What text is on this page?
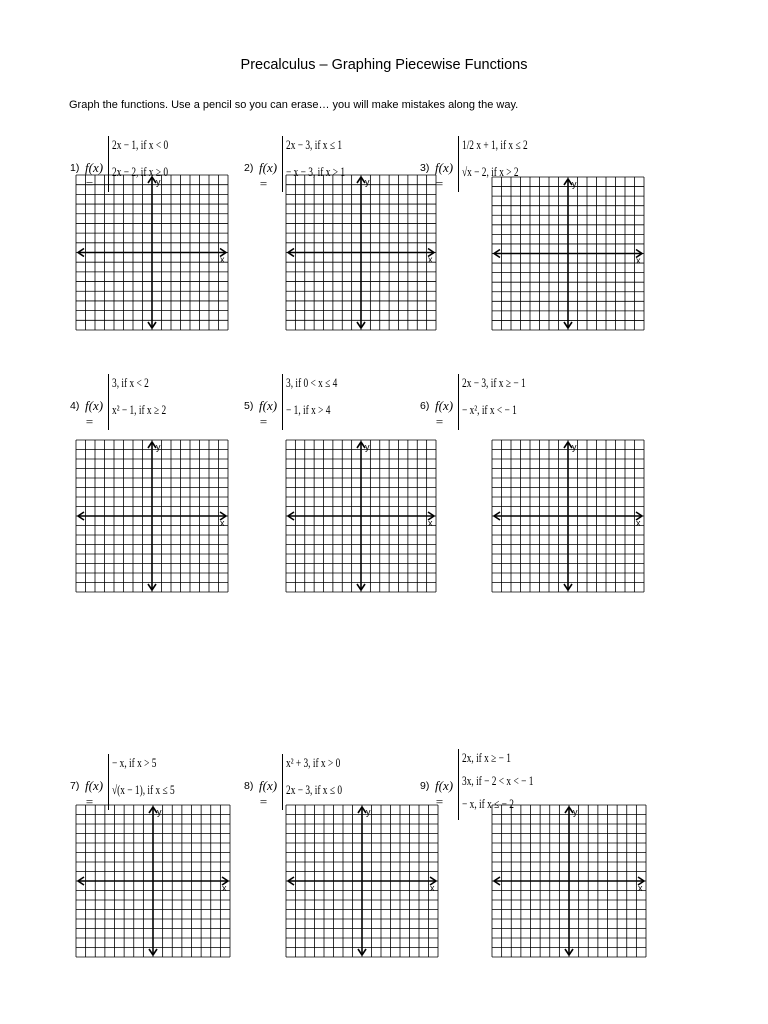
Precalculus – Graphing Piecewise Functions
Graph the functions. Use a pencil so you can erase… you will make mistakes along the way.
1) f(x) =
2x − 1, if x < 0
2x − 2, if x ≥ 0
x
y
2) f(x) =
2x − 3, if x ≤ 1
− x − 3, if x > 1
x
y
3) f(x) =
1/2 x + 1, if x ≤ 2
√x − 2, if x > 2
x
y
4) f(x) =
3, if x < 2
x² − 1, if x ≥ 2
x
y
5) f(x) =
3, if 0 < x ≤ 4
− 1, if x > 4
x
y
6) f(x) =
2x − 3, if x ≥ − 1
− x², if x < − 1
x
y
7) f(x) =
− x, if x > 5
√(x − 1), if x ≤ 5
x
y
8) f(x) =
x² + 3, if x > 0
2x − 3, if x ≤ 0
x
y
9) f(x) =
2x, if x ≥ − 1
3x, if − 2 < x < − 1
− x, if x ≤ − 2
x
y
